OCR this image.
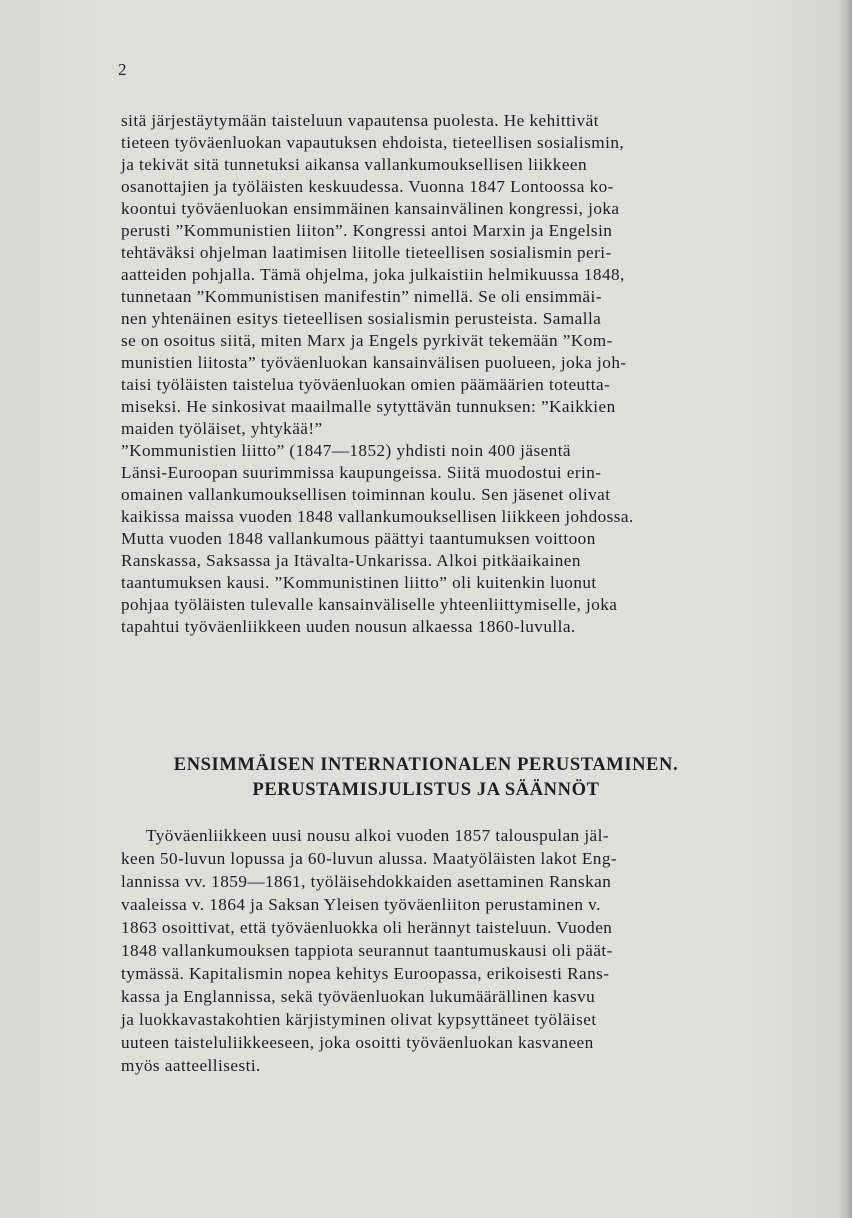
2
sitä järjestäytymään taisteluun vapautensa puolesta. He kehittivät
tieteen työväenluokan vapautuksen ehdoista, tieteellisen sosialismin,
ja tekivät sitä tunnetuksi aikansa vallankumouksellisen liikkeen
osanottajien ja työläisten keskuudessa. Vuonna 1847 Lontoossa ko-
koontui työväenluokan ensimmäinen kansainvälinen kongressi, joka
perusti ”Kommunistien liiton”. Kongressi antoi Marxin ja Engelsin
tehtäväksi ohjelman laatimisen liitolle tieteellisen sosialismin peri-
aatteiden pohjalla. Tämä ohjelma, joka julkaistiin helmikuussa 1848,
tunnetaan ”Kommunistisen manifestin” nimellä. Se oli ensimmäi-
nen yhtenäinen esitys tieteellisen sosialismin perusteista. Samalla
se on osoitus siitä, miten Marx ja Engels pyrkivät tekemään ”Kom-
munistien liitosta” työväenluokan kansainvälisen puolueen, joka joh-
taisi työläisten taistelua työväenluokan omien päämäärien toteutta-
miseksi. He sinkosivat maailmalle sytyttävän tunnuksen: ”Kaikkien
maiden työläiset, yhtykää!”
”Kommunistien liitto” (1847—1852) yhdisti noin 400 jäsentä
Länsi-Euroopan suurimmissa kaupungeissa. Siitä muodostui erin-
omainen vallankumouksellisen toiminnan koulu. Sen jäsenet olivat
kaikissa maissa vuoden 1848 vallankumouksellisen liikkeen johdossa.
Mutta vuoden 1848 vallankumous päättyi taantumuksen voittoon
Ranskassa, Saksassa ja Itävalta-Unkarissa. Alkoi pitkäaikainen
taantumuksen kausi. ”Kommunistinen liitto” oli kuitenkin luonut
pohjaa työläisten tulevalle kansainväliselle yhteenliittymiselle, joka
tapahtui työväenliikkeen uuden nousun alkaessa 1860-luvulla.
ENSIMMÄISEN INTERNATIONALEN PERUSTAMINEN.
PERUSTAMISJULISTUS JA SÄÄNNÖT
Työväenliikkeen uusi nousu alkoi vuoden 1857 talouspulan jäl-
keen 50-luvun lopussa ja 60-luvun alussa. Maatyöläisten lakot Eng-
lannissa vv. 1859—1861, työläisehdokkaiden asettaminen Ranskan
vaaleissa v. 1864 ja Saksan Yleisen työväenliiton perustaminen v.
1863 osoittivat, että työväenluokka oli herännyt taisteluun. Vuoden
1848 vallankumouksen tappiota seurannut taantumuskausi oli päät-
tymässä. Kapitalismin nopea kehitys Euroopassa, erikoisesti Rans-
kassa ja Englannissa, sekä työväenluokan lukumäärällinen kasvu
ja luokkavastakohtien kärjistyminen olivat kypsyttäneet työläiset
uuteen taisteluliikkeeseen, joka osoitti työväenluokan kasvaneen
myös aatteellisesti.
